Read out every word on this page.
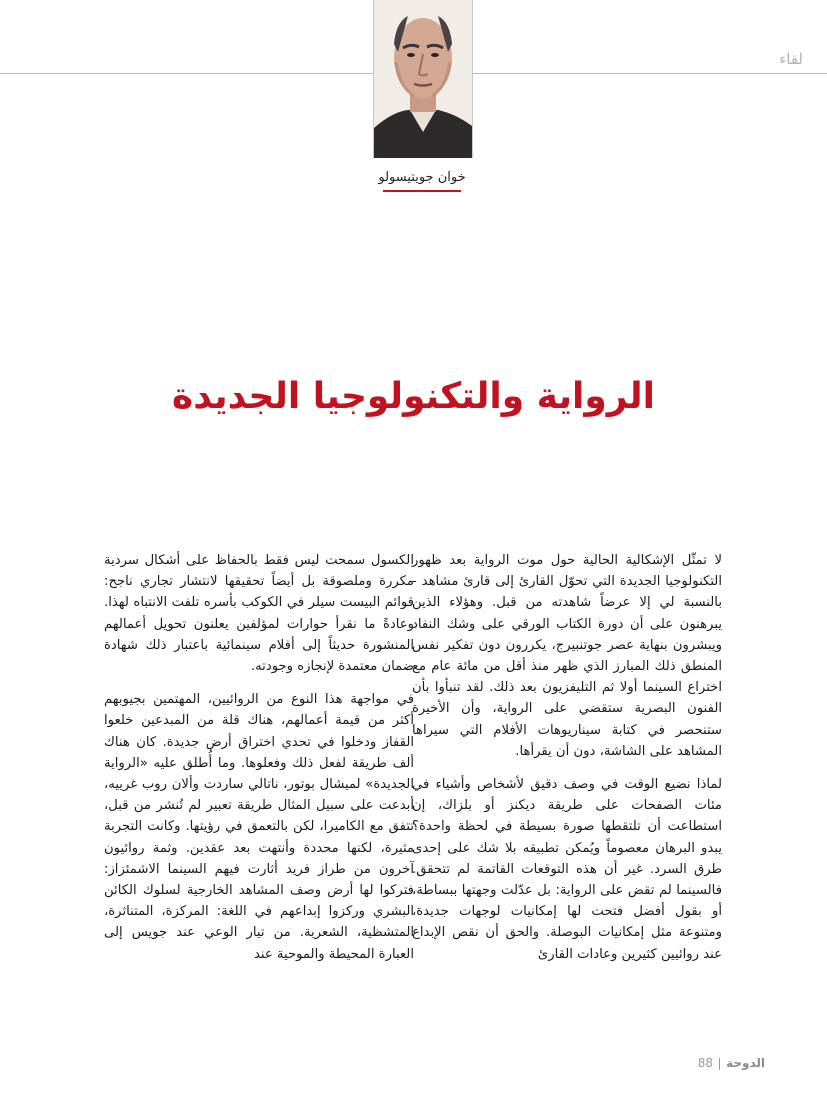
لقاء
خوان جويتيسولو
الرواية والتكنولوجيا الجديدة

لا تمثّل الإشكالية الحالية حول موت الرواية بعد ظهور التكنولوجيا الجديدة التي تحوّل القارئ إلى قارئ مشاهد - بالنسبة لي إلا عرضاً شاهدته من قبل. وهؤلاء الذين يبرهنون على أن دورة الكتاب الورقي على وشك النفاد ويبشرون بنهاية عصر جوتنبيرج، يكررون دون تفكير نفس المنطق ذلك المبارز الذي ظهر منذ أقل من مائة عام مع اختراع السينما أولا ثم التليفزيون بعد ذلك. لقد تنبأوا بأن الفنون البصرية ستقضي على الرواية، وأن الأخيرة ستنحصر في كتابة سيناريوهات الأفلام التي سيراها المشاهد على الشاشة، دون أن يقرأها.

لماذا نضيع الوقت في وصف دقيق لأشخاص وأشياء في مئات الصفحات على طريقة ديكنز أو بلزاك، إن استطاعت أن تلتقطها صورة بسيطة في لحظة واحدة؟ يبدو البرهان معصوماً ويُمكن تطبيقه بلا شك على إحدى طرق السرد. غير أن هذه التوقعات القاتمة لم تتحقق. فالسينما لم تقض على الرواية: بل عدّلت وجهتها ببساطة، أو بقول أفضل فتحت لها إمكانيات لوجهات جديدة، ومتنوعة مثل إمكانيات البوصلة. والحق أن نقص الإبداع عند روائيين كثيرين وعادات القارئ

الكسول سمحت ليس فقط بالحفاظ على أشكال سردية مكررة وملصوقة بل أيضاً تحقيقها لانتشار تجاري ناجح: قوائم البيست سيلر في الكوكب بأسره تلفت الانتباه لهذا. وعادةً ما نقرأ حوارات لمؤلفين يعلنون تحويل أعمالهم المنشورة حديثاً إلى أفلام سينمائية باعتبار ذلك شهادة ضمان معتمدة لإنجازه وجودته.

في مواجهة هذا النوع من الروائيين، المهتمين بجيوبهم أكثر من قيمة أعمالهم، هناك قلة من المبدعين خلعوا القفاز ودخلوا في تحدي اختراق أرض جديدة. كان هناك ألف طريقة لفعل ذلك وفعلوها. وما أُطلق عليه «الرواية الجديدة» لميشال بوتور، ناتالي ساردت وألان روب غرييه، أبدعت على سبيل المثال طريقة تعبير لم تُنشر من قبل، تتفق مع الكاميرا، لكن بالتعمق في رؤيتها. وكانت التجربة مثيرة، لكنها محددة وأنتهت بعد عقدين. وثمة روائيون آخرون من طراز فريد أثارت فيهم السينما الاشمئزاز: فتركوا لها أرض وصف المشاهد الخارجية لسلوك الكائن البشري وركزوا إبداعهم في اللغة: المركزة، المتناثرة، المتشظية، الشعرية. من تيار الوعي عند جويس إلى العبارة المحيطة والموحية عند

الدوحة88
